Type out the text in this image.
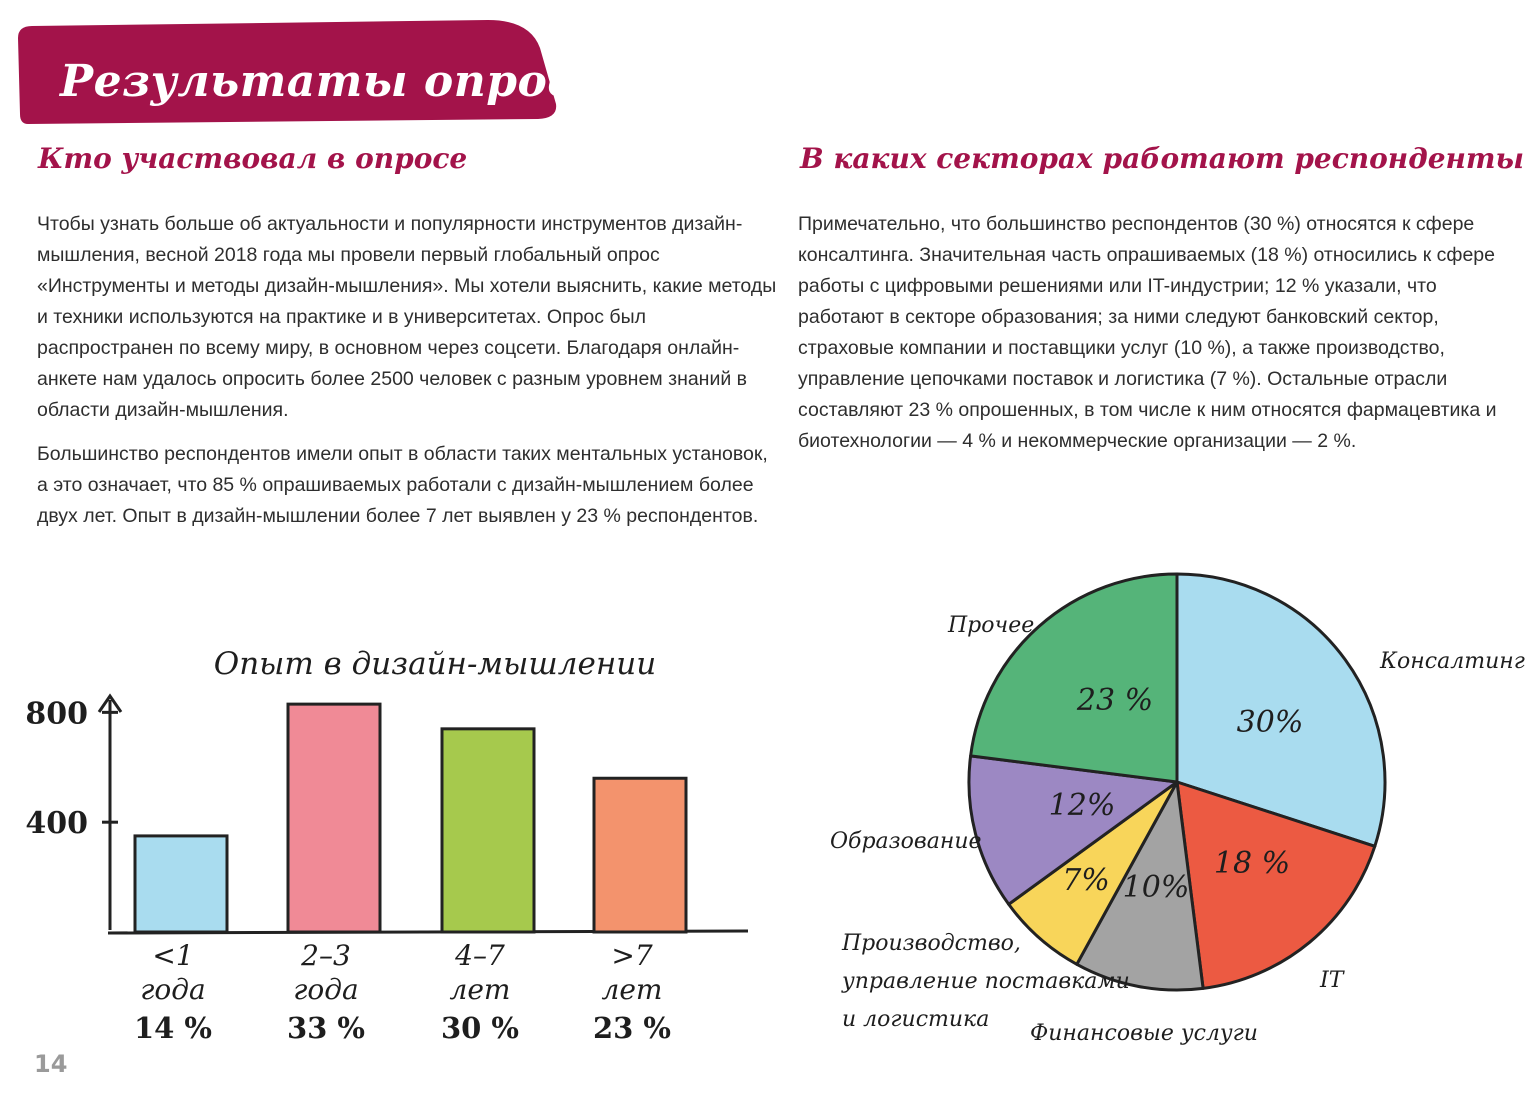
Результаты опроса
Кто участвовал в опросе

Чтобы узнать больше об актуальности и популярности инструментов дизайн-мышления, весной 2018 года мы провели первый глобальный опрос «Инструменты и методы дизайн-мышления». Мы хотели выяснить, какие методы и техники используются на практике и в университетах. Опрос был распространен по всему миру, в основном через соцсети. Благодаря онлайн-анкете нам удалось опросить более 2500 человек с разным уровнем знаний в области дизайн-мышления.

Большинство респондентов имели опыт в области таких ментальных установок, а это означает, что 85 % опрашиваемых работали с дизайн-мышлением более двух лет. Опыт в дизайн-мышлении более 7 лет выявлен у 23 % респондентов.

В каких секторах работают респонденты

Примечательно, что большинство респондентов (30 %) относятся к сфере консалтинга. Значительная часть опрашиваемых (18 %) относились к сфере работы с цифровыми решениями или IT-индустрии; 12 % указали, что работают в секторе образования; за ними следуют банковский сектор, страховые компании и поставщики услуг (10 %), а также производство, управление цепочками поставок и логистика (7 %). Остальные отрасли составляют 23 % опрошенных, в том числе к ним относятся фармацевтика и биотехнологии — 4 % и некоммерческие организации — 2 %.

Опыт в дизайн-мышлении
400
800
<1
года
14 %
2–3
года
33 %
4–7
лет
30 %
>7
лет
23 %
30%
18 %
10%
7%
12%
23 %
Консалтинг
IT
Финансовые услуги
Производство,
управление поставками
и логистика
Образование
Прочее
14
